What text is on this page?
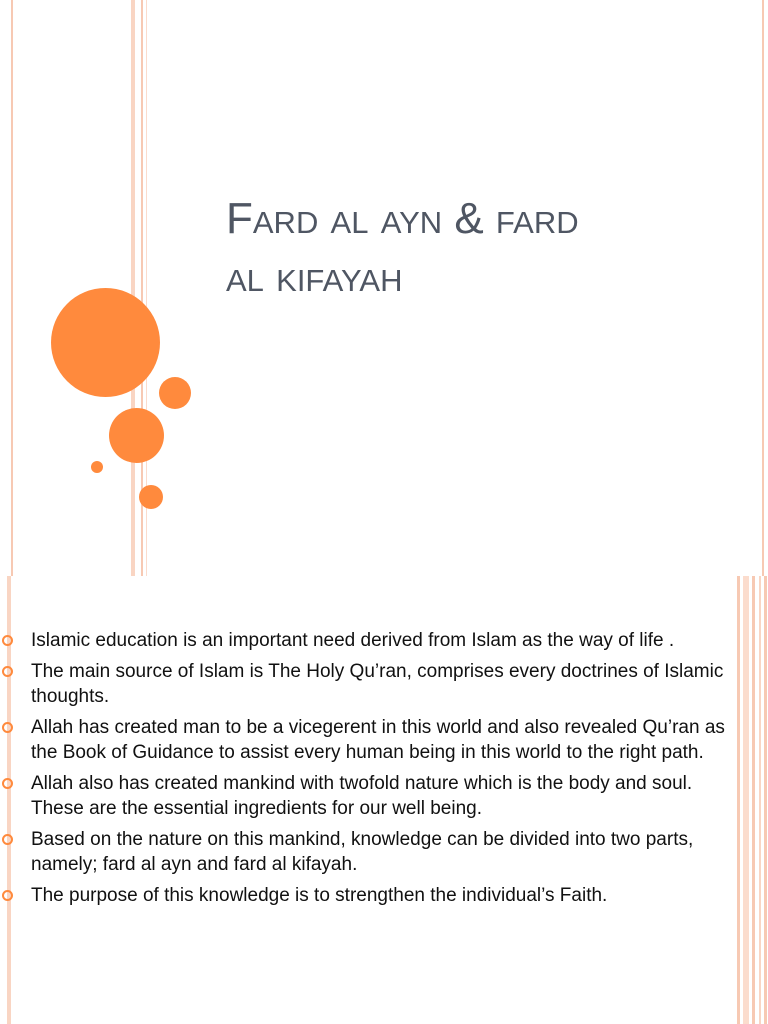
Fard al ayn & fard
al kifayah
Islamic education is an important need derived from Islam as the way of life .
The main source of Islam is The Holy Qu’ran, comprises every doctrines of Islamic thoughts.
Allah has created man to be a vicegerent in this world and also revealed Qu’ran as the Book of Guidance to assist every human being in this world to the right path.
Allah also has created mankind with twofold nature which is the body and soul. These are the essential ingredients for our well being.
Based on the nature on this mankind, knowledge can be divided into two parts, namely; fard al ayn and fard al kifayah.
The purpose of this knowledge is to strengthen the individual’s Faith.
